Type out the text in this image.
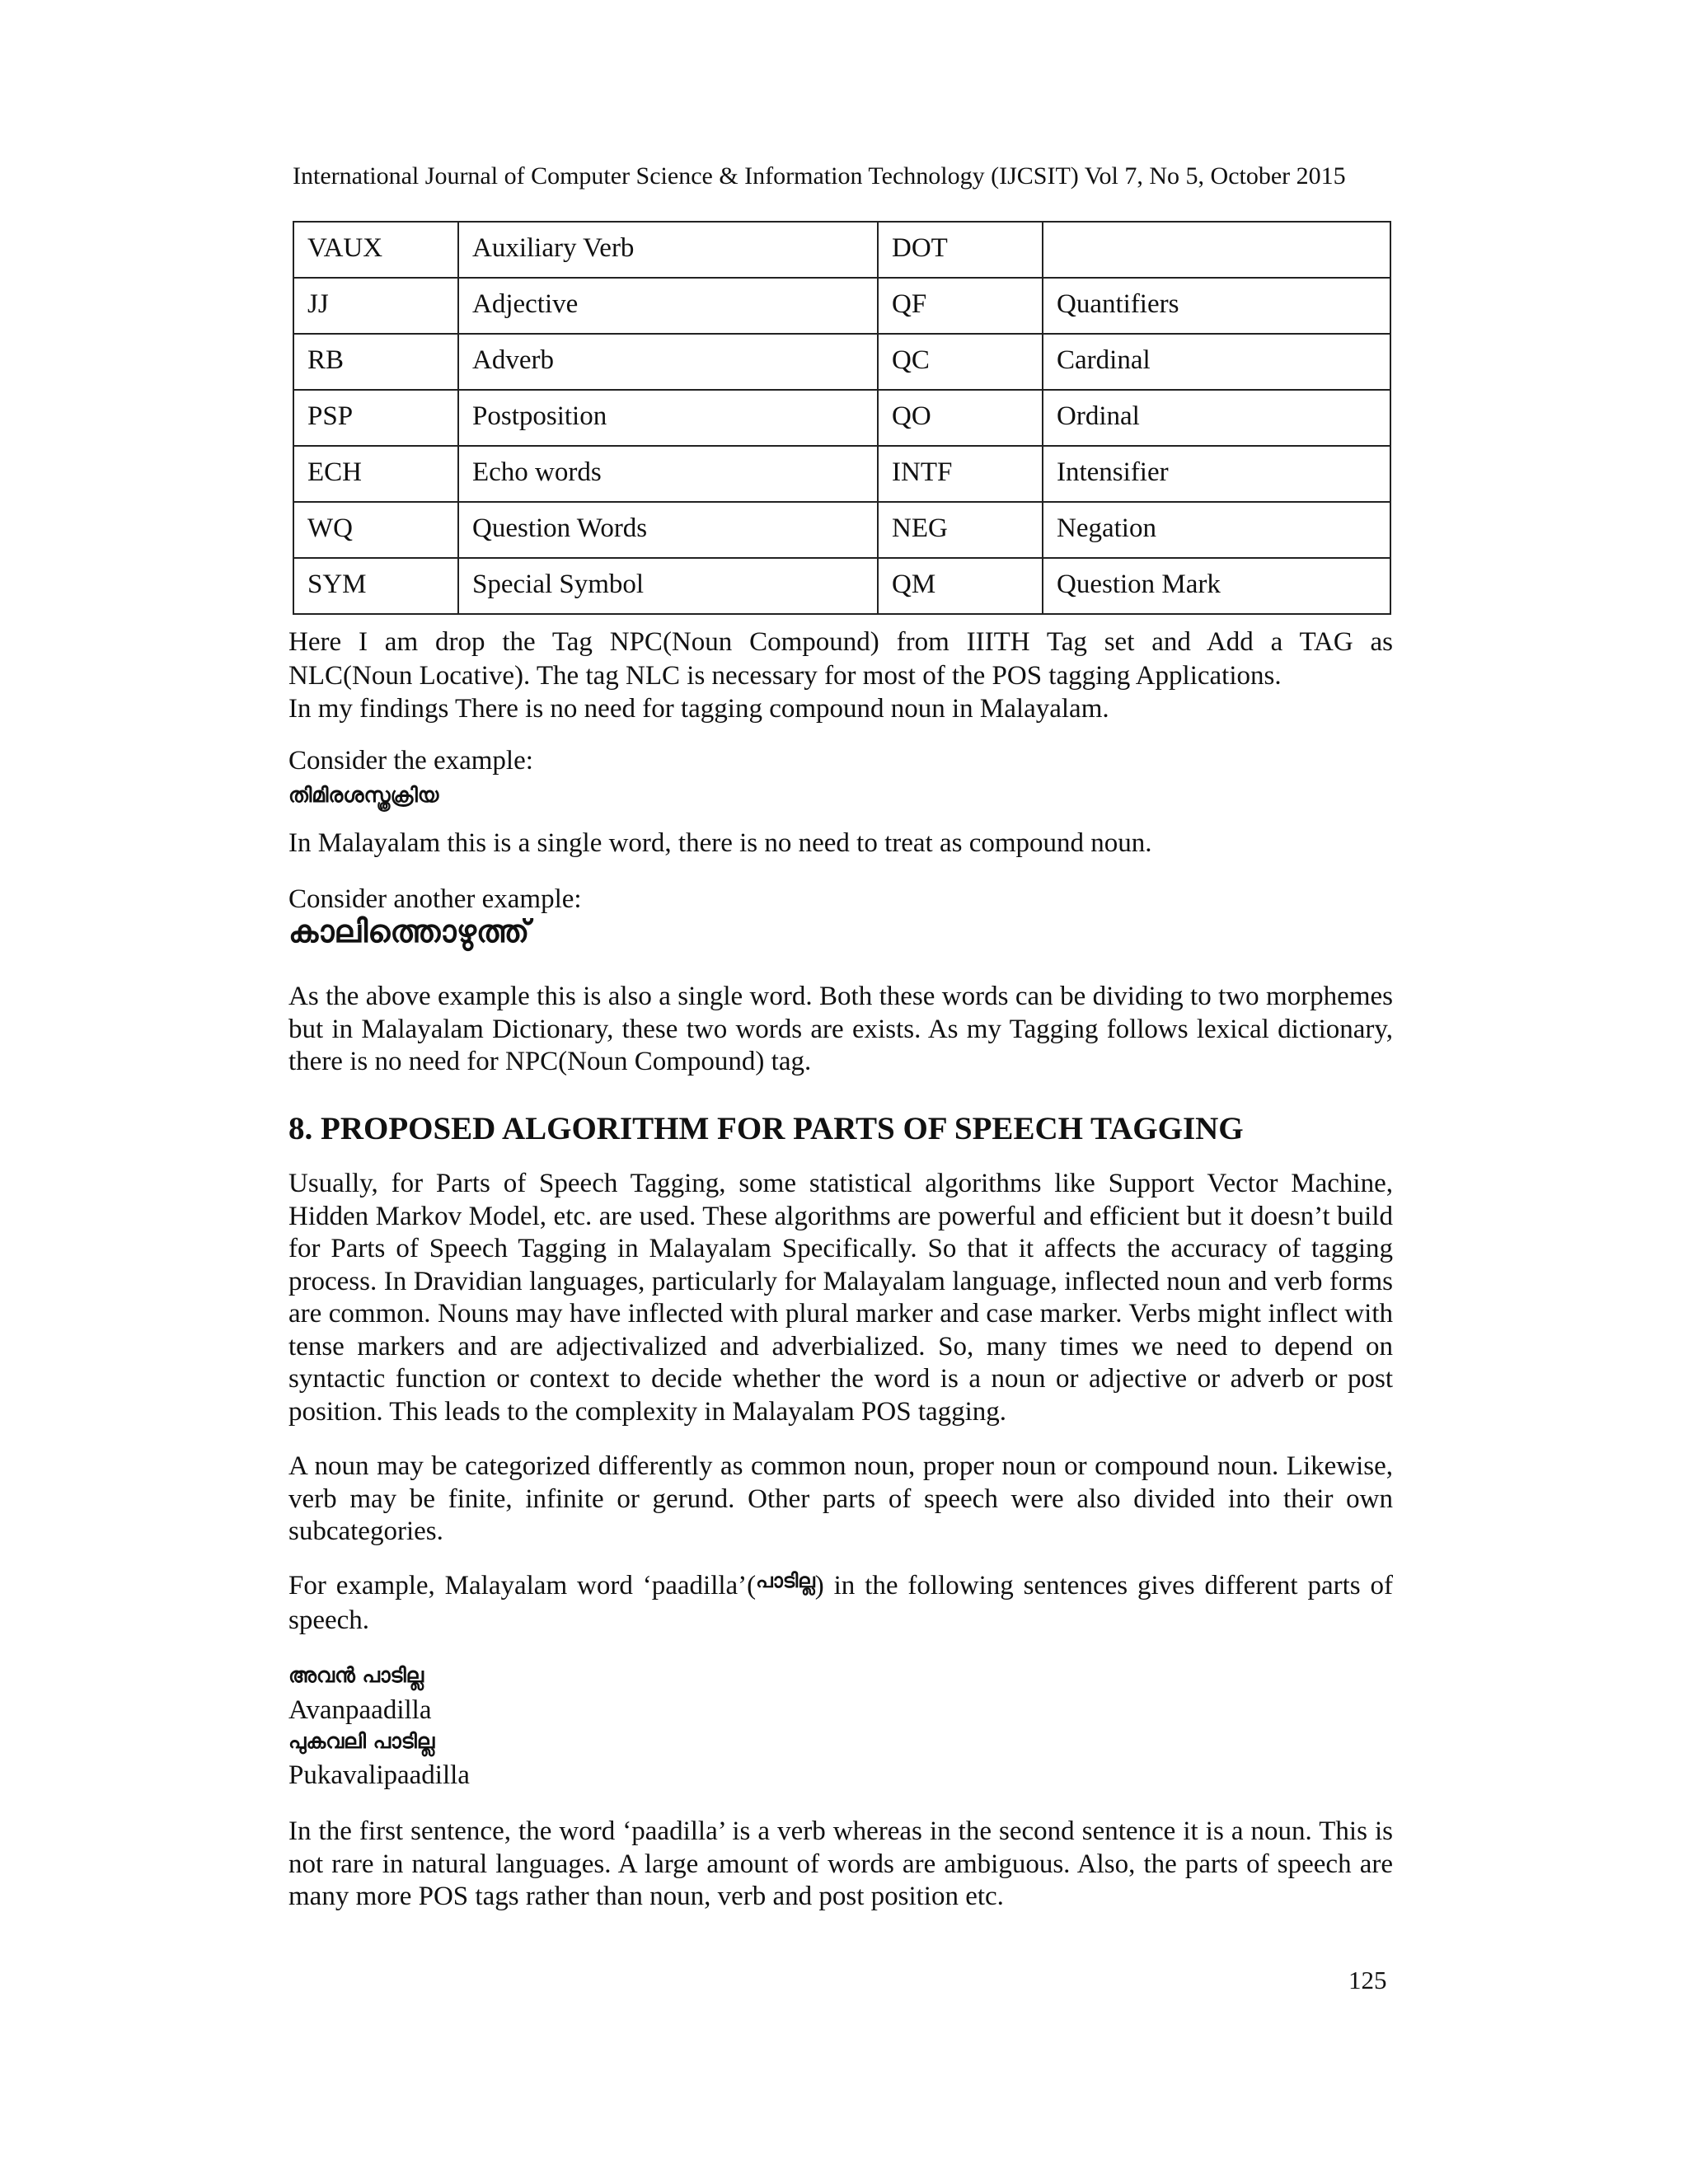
International Journal of Computer Science & Information Technology (IJCSIT) Vol 7, No 5, October 2015
VAUX	Auxiliary Verb	DOT	
JJ	Adjective	QF	Quantifiers
RB	Adverb	QC	Cardinal
PSP	Postposition	QO	Ordinal
ECH	Echo words	INTF	Intensifier
WQ	Question Words	NEG	Negation
SYM	Special Symbol	QM	Question Mark
Here I am drop the Tag NPC(Noun Compound) from IIITH Tag set and Add a TAG as
NLC(Noun Locative). The tag NLC is necessary for most of the POS tagging Applications.
In my findings There is no need for tagging compound noun in Malayalam.
Consider the example:
തിമിരശസ്ത്രക്രിയ
In Malayalam this is a single word, there is no need to treat as compound noun.
Consider another example:
കാലിത്തൊഴുത്ത്

As the above example this is also a single word. Both these words can be dividing to two morphemes but in Malayalam Dictionary, these two words are exists. As my Tagging follows lexical dictionary, there is no need for NPC(Noun Compound) tag.

8. PROPOSED ALGORITHM FOR PARTS OF SPEECH TAGGING

Usually, for Parts of Speech Tagging, some statistical algorithms like Support Vector Machine, Hidden Markov Model, etc. are used. These algorithms are powerful and efficient but it doesn’t build for Parts of Speech Tagging in Malayalam Specifically. So that it affects the accuracy of tagging process. In Dravidian languages, particularly for Malayalam language, inflected noun and verb forms are common. Nouns may have inflected with plural marker and case marker. Verbs might inflect with tense markers and are adjectivalized and adverbialized. So, many times we need to depend on syntactic function or context to decide whether the word is a noun or adjective or adverb or post position. This leads to the complexity in Malayalam POS tagging.

A noun may be categorized differently as common noun, proper noun or compound noun. Likewise, verb may be finite, infinite or gerund. Other parts of speech were also divided into their own subcategories.

For example, Malayalam word ‘paadilla’($^{പാടില്ല}$) in the following sentences gives different parts of speech.

അവൻ പാടില്ല
Avanpaadilla
പുകവലി പാടില്ല
Pukavalipaadilla

In the first sentence, the word ‘paadilla’ is a verb whereas in the second sentence it is a noun. This is not rare in natural languages. A large amount of words are ambiguous. Also, the parts of speech are many more POS tags rather than noun, verb and post position etc.

125
